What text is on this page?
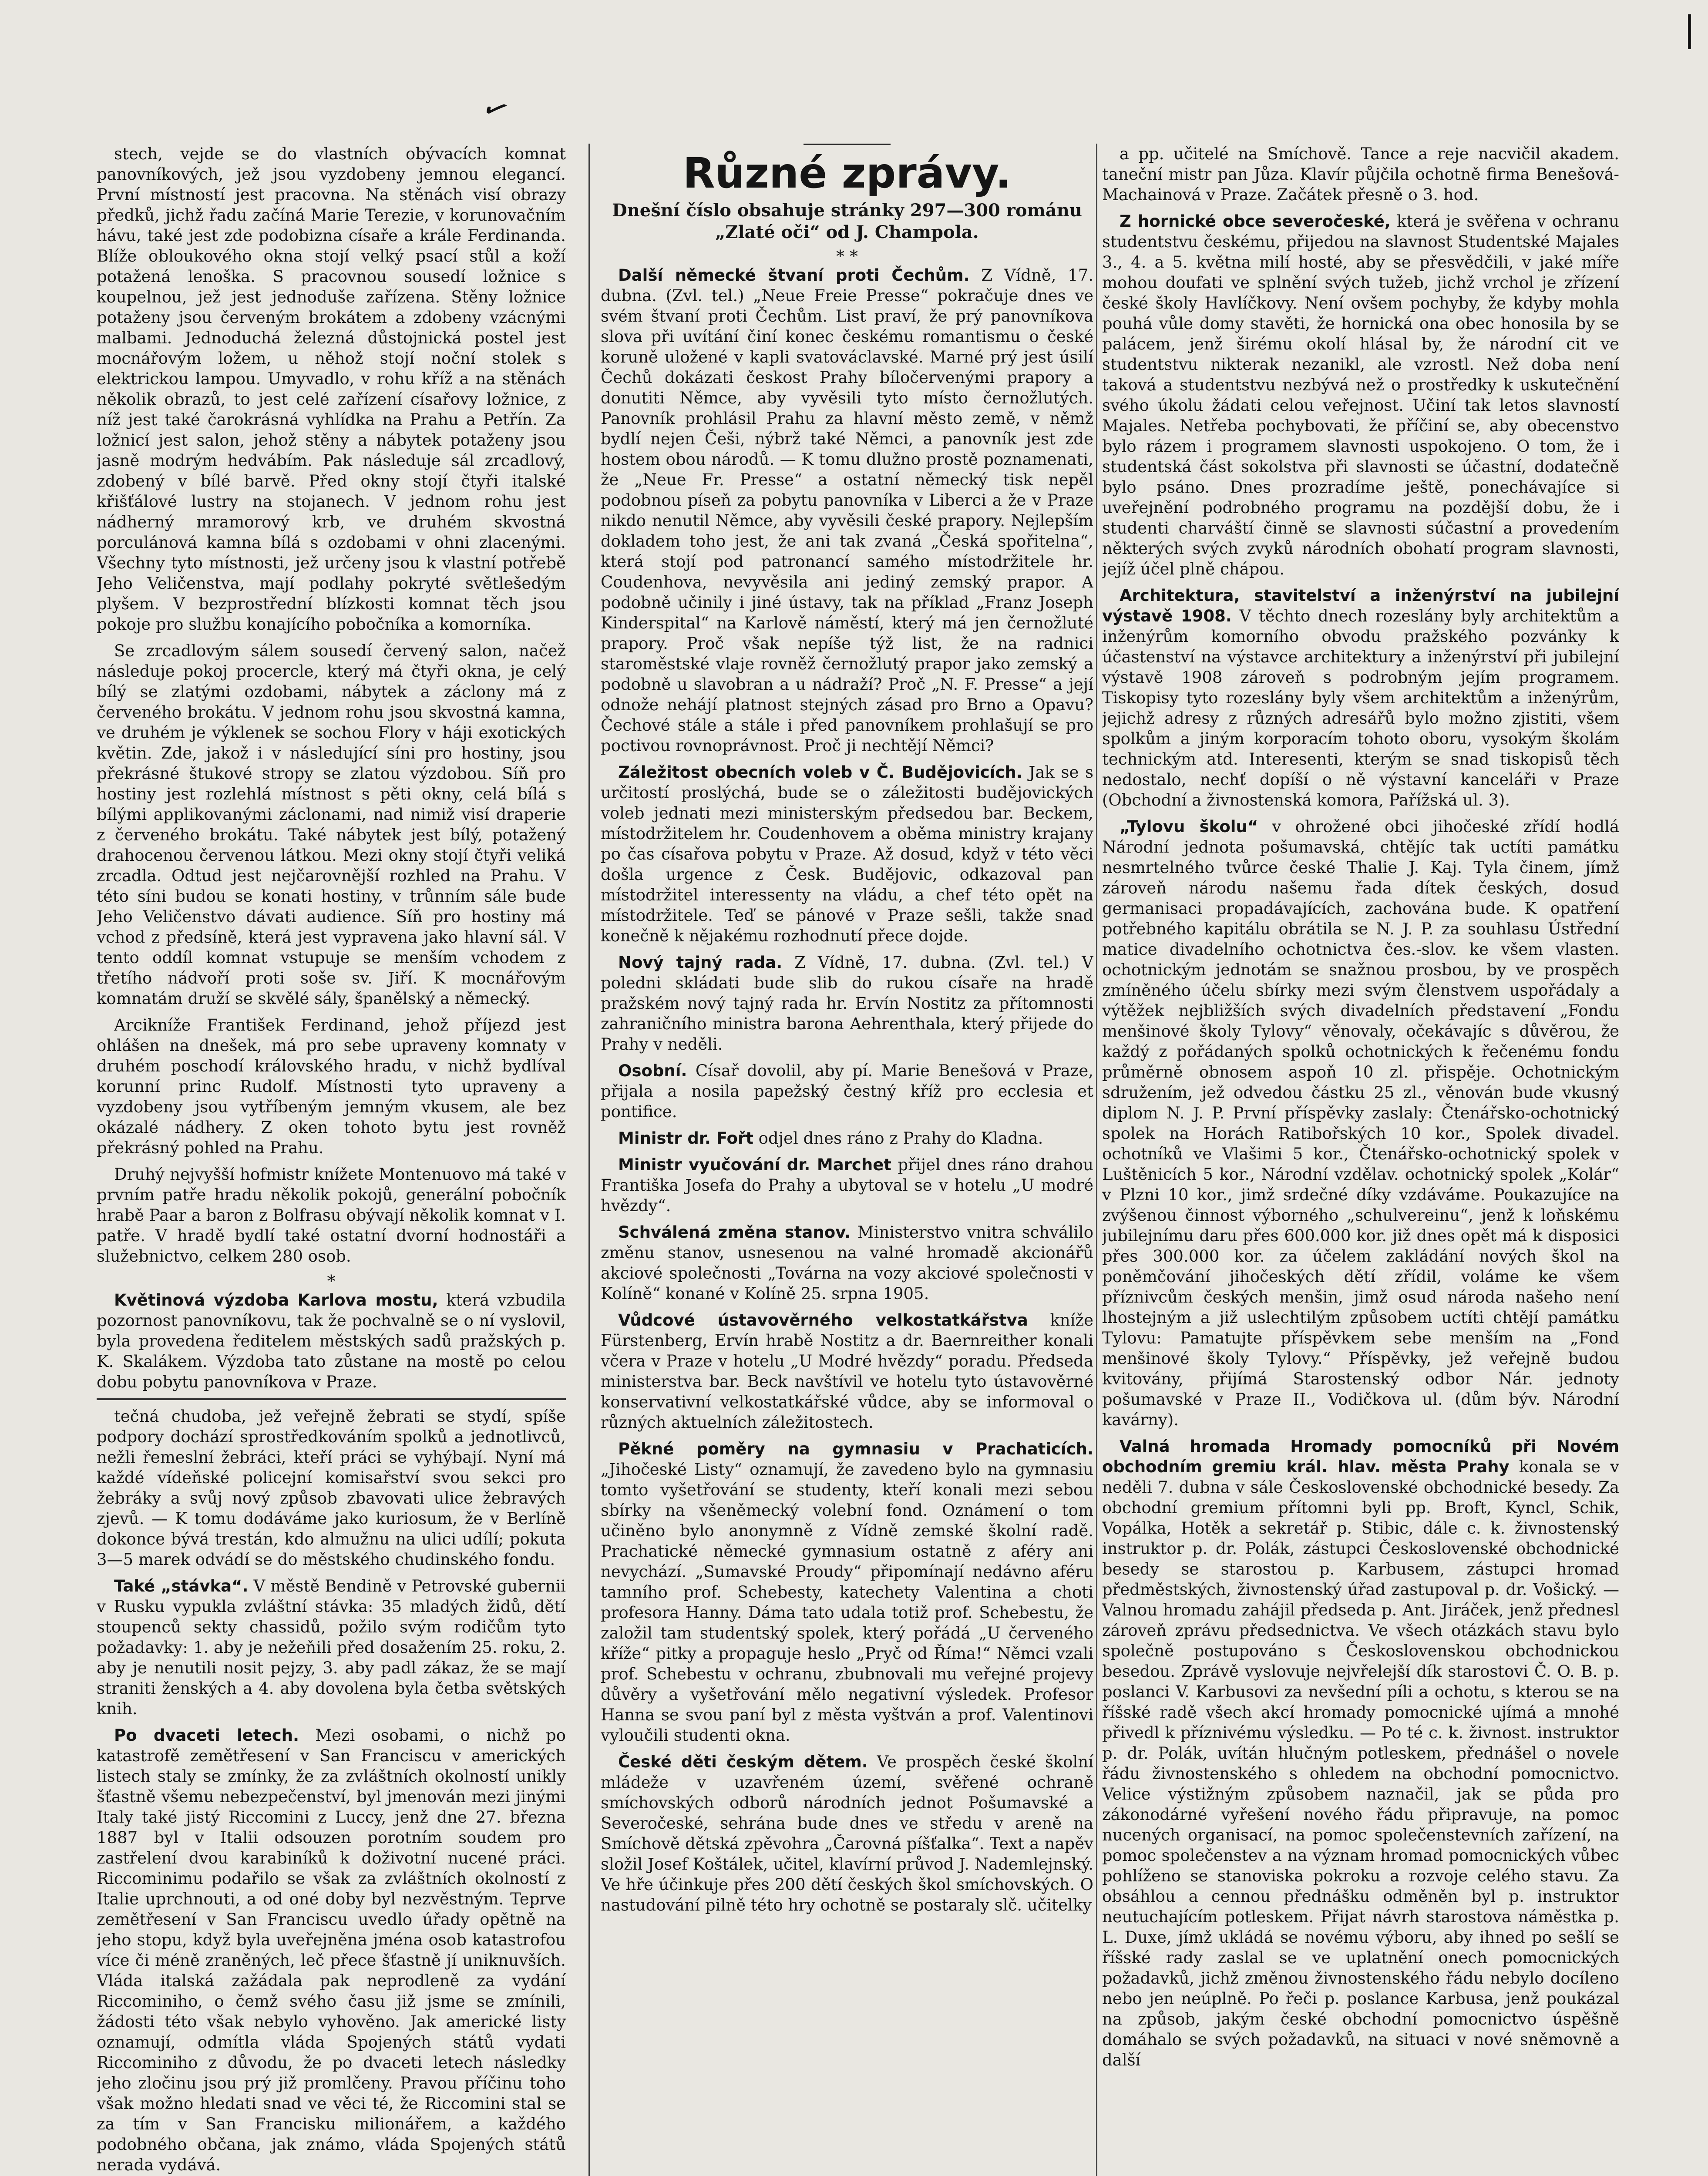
✓
|

stech, vejde se do vlastních obývacích komnat panovníkových, jež jsou vyzdobeny jemnou elegancí. První místností jest pracovna. Na stěnách visí obrazy předků, jichž řadu začíná Marie Terezie, v korunovačním hávu, také jest zde podobizna císaře a krále Ferdinanda. Blíže obloukového okna stojí velký psací stůl a koží potažená lenoška. S pracovnou sousedí ložnice s koupelnou, jež jest jednoduše zařízena. Stěny ložnice potaženy jsou červeným brokátem a zdobeny vzácnými malbami. Jednoduchá železná důstojnická postel jest mocnářovým ložem, u něhož stojí noční stolek s elektrickou lampou. Umyvadlo, v rohu kříž a na stěnách několik obrazů, to jest celé zařízení císařovy ložnice, z níž jest také čarokrásná vyhlídka na Prahu a Petřín. Za ložnicí jest salon, jehož stěny a nábytek potaženy jsou jasně modrým hedvábím. Pak následuje sál zrcadlový, zdobený v bílé barvě. Před okny stojí čtyři italské křišťálové lustry na stojanech. V jednom rohu jest nádherný mramorový krb, ve druhém skvostná porculánová kamna bílá s ozdobami v ohni zlacenými. Všechny tyto místnosti, jež určeny jsou k vlastní potřebě Jeho Veličenstva, mají podlahy pokryté světlešedým plyšem. V bezprostřední blízkosti komnat těch jsou pokoje pro službu konajícího pobočníka a komorníka.

Se zrcadlovým sálem sousedí červený salon, načež následuje pokoj procercle, který má čtyři okna, je celý bílý se zlatými ozdobami, nábytek a záclony má z červeného brokátu. V jednom rohu jsou skvostná kamna, ve druhém je výklenek se sochou Flory v háji exotických květin. Zde, jakož i v následující síni pro hostiny, jsou překrásné štukové stropy se zlatou výzdobou. Síň pro hostiny jest rozlehlá místnost s pěti okny, celá bílá s bílými applikovanými záclonami, nad nimiž visí draperie z červeného brokátu. Také nábytek jest bílý, potažený drahocenou červenou látkou. Mezi okny stojí čtyři veliká zrcadla. Odtud jest nejčarovnější rozhled na Prahu. V této síni budou se konati hostiny, v trůnním sále bude Jeho Veličenstvo dávati audience. Síň pro hostiny má vchod z předsíně, která jest vypravena jako hlavní sál. V tento oddíl komnat vstupuje se menším vchodem z třetího nádvoří proti soše sv. Jiří. K mocnářovým komnatám druží se skvělé sály, španělský a německý.

Arcikníže František Ferdinand, jehož příjezd jest ohlášen na dnešek, má pro sebe upraveny komnaty v druhém poschodí královského hradu, v nichž bydlíval korunní princ Rudolf. Místnosti tyto upraveny a vyzdobeny jsou vytříbeným jemným vkusem, ale bez okázalé nádhery. Z oken tohoto bytu jest rovněž překrásný pohled na Prahu.

Druhý nejvyšší hofmistr knížete Montenuovo má také v prvním patře hradu několik pokojů, generální pobočník hrabě Paar a baron z Bolfrasu obývají několik komnat v I. patře. V hradě bydlí také ostatní dvorní hodnostáři a služebnictvo, celkem 280 osob.

*

Květinová výzdoba Karlova mostu, která vzbudila pozornost panovníkovu, tak že pochvalně se o ní vyslovil, byla provedena ředitelem městských sadů pražských p. K. Skalákem. Výzdoba tato zůstane na mostě po celou dobu pobytu panovníkova v Praze.

tečná chudoba, jež veřejně žebrati se stydí, spíše podpory dochází sprostředkováním spolků a jednotlivců, nežli řemeslní žebráci, kteří práci se vyhýbají. Nyní má každé vídeňské policejní komisařství svou sekci pro žebráky a svůj nový způsob zbavovati ulice žebravých zjevů. — K tomu dodáváme jako kuriosum, že v Berlíně dokonce bývá trestán, kdo almužnu na ulici udílí; pokuta 3—5 marek odvádí se do městského chudinského fondu.

Také „stávka“. V městě Bendině v Petrovské gubernii v Rusku vypukla zvláštní stávka: 35 mladých židů, dětí stoupenců sekty chassidů, požilo svým rodičům tyto požadavky: 1. aby je nežeňili před dosažením 25. roku, 2. aby je nenutili nosit pejzy, 3. aby padl zákaz, že se mají straniti ženských a 4. aby dovolena byla četba světských knih.

Po dvaceti letech. Mezi osobami, o nichž po katastrofě zemětřesení v San Franciscu v amerických listech staly se zmínky, že za zvláštních okolností unikly šťastně všemu nebezpečenství, byl jmenován mezi jinými Italy také jistý Riccomini z Luccy, jenž dne 27. března 1887 byl v Italii odsouzen porotním soudem pro zastřelení dvou karabiníků k doživotní nucené práci. Riccominimu podařilo se však za zvláštních okolností z Italie uprchnouti, a od oné doby byl nezvěstným. Teprve zemětřesení v San Franciscu uvedlo úřady opětně na jeho stopu, když byla uveřejněna jména osob katastrofou více či méně zraněných, leč přece šťastně jí uniknuvších. Vláda italská zažádala pak neprodleně za vydání Riccominiho, o čemž svého času již jsme se zmínili, žádosti této však nebylo vyhověno. Jak americké listy oznamují, odmítla vláda Spojených států vydati Riccominiho z důvodu, že po dvaceti letech následky jeho zločinu jsou prý již promlčeny. Pravou příčinu toho však možno hledati snad ve věci té, že Riccomini stal se za tím v San Francisku milionářem, a každého podobného občana, jak známo, vláda Spojených států nerada vydává.

Různé zprávy.
Dnešní číslo obsahuje stránky 297—300 románu „Zlaté oči“ od J. Champola.
* *

Další německé štvaní proti Čechům. Z Vídně, 17. dubna. (Zvl. tel.) „Neue Freie Presse“ pokračuje dnes ve svém štvaní proti Čechům. List praví, že prý panovníkova slova při uvítání činí konec českému romantismu o české koruně uložené v kapli svatováclavské. Marné prý jest úsilí Čechů dokázati českost Prahy bíločervenými prapory a donutiti Němce, aby vyvěsili tyto místo černožlutých. Panovník prohlásil Prahu za hlavní město země, v němž bydlí nejen Češi, nýbrž také Němci, a panovník jest zde hostem obou národů. — K tomu dlužno prostě poznamenati, že „Neue Fr. Presse“ a ostatní německý tisk nepěl podobnou píseň za pobytu panovníka v Liberci a že v Praze nikdo nenutil Němce, aby vyvěsili české prapory. Nejlepším dokladem toho jest, že ani tak zvaná „Česká spořitelna“, která stojí pod patronancí samého místodržitele hr. Coudenhova, nevyvěsila ani jediný zemský prapor. A podobně učinily i jiné ústavy, tak na příklad „Franz Joseph Kinderspital“ na Karlově náměstí, který má jen černožluté prapory. Proč však nepíše týž list, že na radnici staroměstské vlaje rovněž černožlutý prapor jako zemský a podobně u slavobran a u nádraží? Proč „N. F. Presse“ a její odnože nehájí platnost stejných zásad pro Brno a Opavu? Čechové stále a stále i před panovníkem prohlašují se pro poctivou rovnoprávnost. Proč ji nechtějí Němci?

Záležitost obecních voleb v Č. Budějovicích. Jak se s určitostí proslýchá, bude se o záležitosti budějovických voleb jednati mezi ministerským předsedou bar. Beckem, místodržitelem hr. Coudenhovem a oběma ministry krajany po čas císařova pobytu v Praze. Až dosud, když v této věci došla urgence z Česk. Budějovic, odkazoval pan místodržitel interessenty na vládu, a chef této opět na místodržitele. Teď se pánové v Praze sešli, takže snad konečně k nějakému rozhodnutí přece dojde.

Nový tajný rada. Z Vídně, 17. dubna. (Zvl. tel.) V poledni skládati bude slib do rukou císaře na hradě pražském nový tajný rada hr. Ervín Nostitz za přítomnosti zahraničního ministra barona Aehrenthala, který přijede do Prahy v neděli.

Osobní. Císař dovolil, aby pí. Marie Benešová v Praze, přijala a nosila papežský čestný kříž pro ecclesia et pontifice.

Ministr dr. Fořt odjel dnes ráno z Prahy do Kladna.

Ministr vyučování dr. Marchet přijel dnes ráno drahou Františka Josefa do Prahy a ubytoval se v hotelu „U modré hvězdy“.

Schválená změna stanov. Ministerstvo vnitra schválilo změnu stanov, usnesenou na valné hromadě akcionářů akciové společnosti „Továrna na vozy akciové společnosti v Kolíně“ konané v Kolíně 25. srpna 1905.

Vůdcové ústavověrného velkostatkářstva kníže Fürstenberg, Ervín hrabě Nostitz a dr. Baernreither konali včera v Praze v hotelu „U Modré hvězdy“ poradu. Předseda ministerstva bar. Beck navštívil ve hotelu tyto ústavověrné konservativní velkostatkářské vůdce, aby se informoval o různých aktuelních záležitostech.

Pěkné poměry na gymnasiu v Prachaticích. „Jihočeské Listy“ oznamují, že zavedeno bylo na gymnasiu tomto vyšetřování se studenty, kteří konali mezi sebou sbírky na všeněmecký volební fond. Oznámení o tom učiněno bylo anonymně z Vídně zemské školní radě. Prachatické německé gymnasium ostatně z aféry ani nevychází. „Sumavské Proudy“ připomínají nedávno aféru tamního prof. Schebesty, katechety Valentina a choti profesora Hanny. Dáma tato udala totiž prof. Schebestu, že založil tam studentský spolek, který pořádá „U červeného kříže“ pitky a propaguje heslo „Pryč od Říma!“ Němci vzali prof. Schebestu v ochranu, zbubnovali mu veřejné projevy důvěry a vyšetřování mělo negativní výsledek. Profesor Hanna se svou paní byl z města vyštván a prof. Valentinovi vyloučili studenti okna.

České děti českým dětem. Ve prospěch české školní mládeže v uzavřeném území, svěřené ochraně smíchovských odborů národních jednot Pošumavské a Severočeské, sehrána bude dnes ve středu v areně na Smíchově dětská zpěvohra „Čarovná píšťalka“. Text a napěv složil Josef Koštálek, učitel, klavírní průvod J. Nademlejnský. Ve hře účinkuje přes 200 dětí českých škol smíchovských. O nastudování pilně této hry ochotně se postaraly slč. učitelky

a pp. učitelé na Smíchově. Tance a reje nacvičil akadem. taneční mistr pan Jůza. Klavír půjčila ochotně firma Benešová-Machainová v Praze. Začátek přesně o 3. hod.

Z hornické obce severočeské, která je svěřena v ochranu studentstvu českému, přijedou na slavnost Studentské Majales 3., 4. a 5. května milí hosté, aby se přesvědčili, v jaké míře mohou doufati ve splnění svých tužeb, jichž vrchol je zřízení české školy Havlíčkovy. Není ovšem pochyby, že kdyby mohla pouhá vůle domy stavěti, že hornická ona obec honosila by se palácem, jenž širému okolí hlásal by, že národní cit ve studentstvu nikterak nezanikl, ale vzrostl. Než doba není taková a studentstvu nezbývá než o prostředky k uskutečnění svého úkolu žádati celou veřejnost. Učiní tak letos slavností Majales. Netřeba pochybovati, že příčiní se, aby obecenstvo bylo rázem i programem slavnosti uspokojeno. O tom, že i studentská část sokolstva při slavnosti se účastní, dodatečně bylo psáno. Dnes prozradíme ještě, ponechávajíce si uveřejnění podrobného programu na pozdější dobu, že i studenti charváští činně se slavnosti súčastní a provedením některých svých zvyků národních obohatí program slavnosti, jejíž účel plně chápou.

Architektura, stavitelství a inženýrství na jubilejní výstavě 1908. V těchto dnech rozeslány byly architektům a inženýrům komorního obvodu pražského pozvánky k účastenství na výstavce architektury a inženýrství při jubilejní výstavě 1908 zároveň s podrobným jejím programem. Tiskopisy tyto rozeslány byly všem architektům a inženýrům, jejichž adresy z různých adresářů bylo možno zjistiti, všem spolkům a jiným korporacím tohoto oboru, vysokým školám technickým atd. Interesenti, kterým se snad tiskopisů těch nedostalo, nechť dopíší o ně výstavní kanceláři v Praze (Obchodní a živnostenská komora, Pařížská ul. 3).

„Tylovu školu“ v ohrožené obci jihočeské zřídí hodlá Národní jednota pošumavská, chtějíc tak uctíti památku nesmrtelného tvůrce české Thalie J. Kaj. Tyla činem, jímž zároveň národu našemu řada dítek českých, dosud germanisaci propadávajících, zachována bude. K opatření potřebného kapitálu obrátila se N. J. P. za souhlasu Ústřední matice divadelního ochotnictva čes.-slov. ke všem vlasten. ochotnickým jednotám se snažnou prosbou, by ve prospěch zmíněného účelu sbírky mezi svým členstvem uspořádaly a výtěžek nejbližších svých divadelních představení „Fondu menšinové školy Tylovy“ věnovaly, očekávajíc s důvěrou, že každý z pořádaných spolků ochotnických k řečenému fondu průměrně obnosem aspoň 10 zl. přispěje. Ochotnickým sdružením, jež odvedou částku 25 zl., věnován bude vkusný diplom N. J. P. První příspěvky zaslaly: Čtenářsko-ochotnický spolek na Horách Ratibořských 10 kor., Spolek divadel. ochotníků ve Vlašimi 5 kor., Čtenářsko-ochotnický spolek v Luštěnicích 5 kor., Národní vzdělav. ochotnický spolek „Kolár“ v Plzni 10 kor., jimž srdečné díky vzdáváme. Poukazujíce na zvýšenou činnost výborného „schulvereinu“, jenž k loňskému jubilejnímu daru přes 600.000 kor. již dnes opět má k disposici přes 300.000 kor. za účelem zakládání nových škol na poněmčování jihočeských dětí zřídil, voláme ke všem příznivcům českých menšin, jimž osud národa našeho není lhostejným a již uslechtilým způsobem uctíti chtějí památku Tylovu: Pamatujte příspěvkem sebe menším na „Fond menšinové školy Tylovy.“ Příspěvky, jež veřejně budou kvitovány, přijímá Starostenský odbor Nár. jednoty pošumavské v Praze II., Vodičkova ul. (dům býv. Národní kavárny).

Valná hromada Hromady pomocníků při Novém obchodním gremiu král. hlav. města Prahy konala se v neděli 7. dubna v sále Československé obchodnické besedy. Za obchodní gremium přítomni byli pp. Broft, Kyncl, Schik, Vopálka, Hotěk a sekretář p. Stibic, dále c. k. živnostenský instruktor p. dr. Polák, zástupci Československé obchodnické besedy se starostou p. Karbusem, zástupci hromad předměstských, živnostenský úřad zastupoval p. dr. Vošický. — Valnou hromadu zahájil předseda p. Ant. Jiráček, jenž přednesl zároveň zprávu předsednictva. Ve všech otázkách stavu bylo společně postupováno s Československou obchodnickou besedou. Zprávě vyslovuje nejvřelejší dík starostovi Č. O. B. p. poslanci V. Karbusovi za nevšední píli a ochotu, s kterou se na říšské radě všech akcí hromady pomocnické ujímá a mnohé přivedl k příznivému výsledku. — Po té c. k. živnost. instruktor p. dr. Polák, uvítán hlučným potleskem, přednášel o novele řádu živnostenského s ohledem na obchodní pomocnictvo. Velice výstižným způsobem naznačil, jak se půda pro zákonodárné vyřešení nového řádu připravuje, na pomoc nucených organisací, na pomoc společenstevních zařízení, na pomoc společenstev a na význam hromad pomocnických vůbec pohlíženo se stanoviska pokroku a rozvoje celého stavu. Za obsáhlou a cennou přednášku odměněn byl p. instruktor neutuchajícím potleskem. Přijat návrh starostova náměstka p. L. Duxe, jímž ukládá se novému výboru, aby ihned po sešlí se říšské rady zaslal se ve uplatnění onech pomocnických požadavků, jichž změnou živnostenského řádu nebylo docíleno nebo jen neúplně. Po řeči p. poslance Karbusa, jenž poukázal na způsob, jakým české obchodní pomocnictvo úspěšně domáhalo se svých požadavků, na situaci v nové sněmovně a další
